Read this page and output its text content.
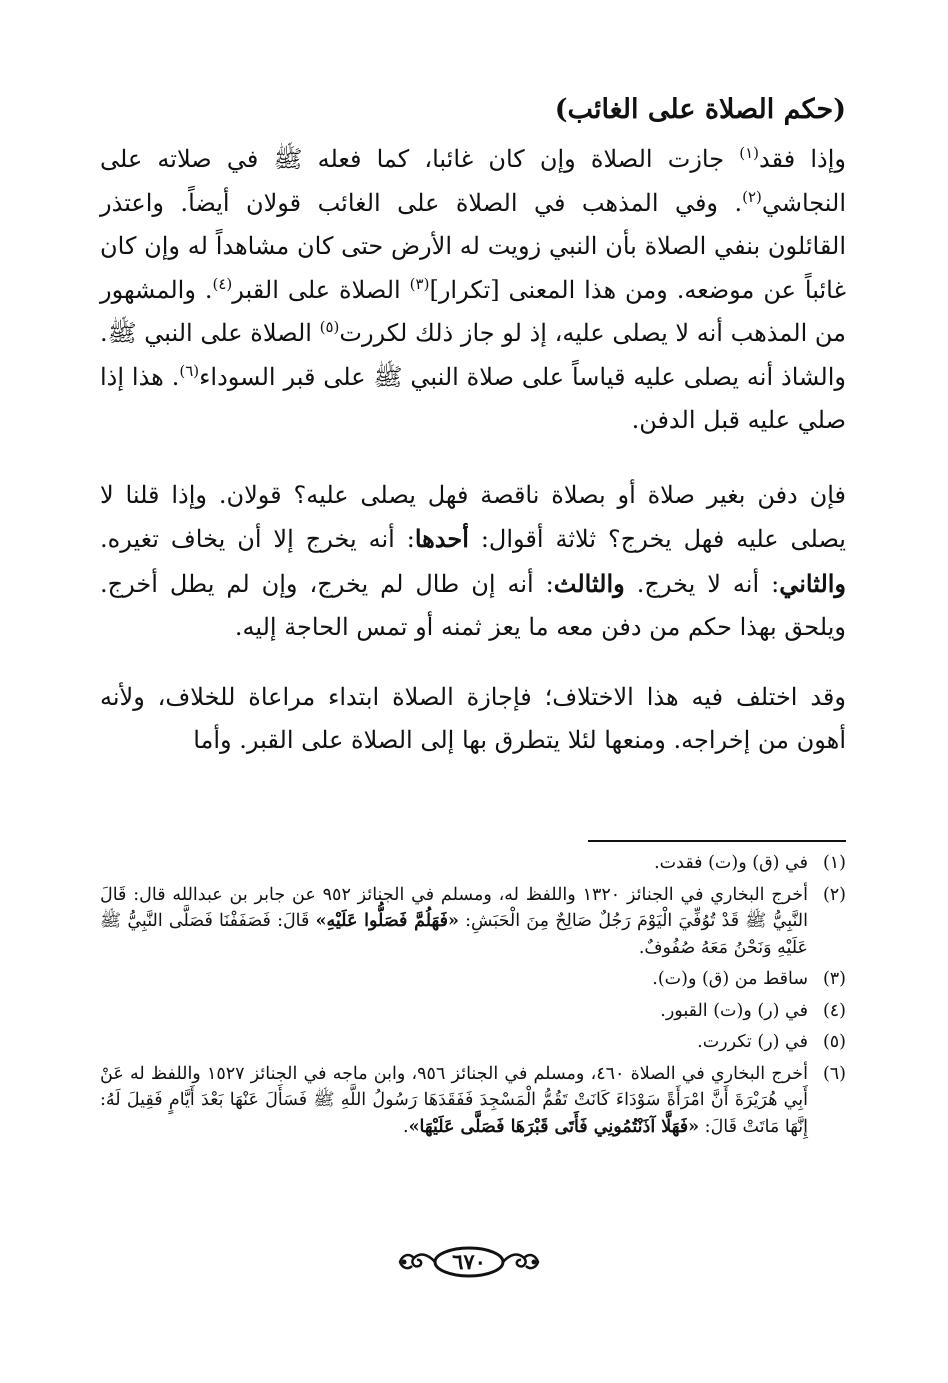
(حكم الصلاة على الغائب)
وإذا فقد$^{(١)}$ جازت الصلاة وإن كان غائبا، كما فعله ﷺ في صلاته على النجاشي$^{(٢)}$. وفي المذهب في الصلاة على الغائب قولان أيضاً. واعتذر القائلون بنفي الصلاة بأن النبي زويت له الأرض حتى كان مشاهداً له وإن كان غائباً عن موضعه. ومن هذا المعنى [تكرار]$^{(٣)}$ الصلاة على القبر$^{(٤)}$. والمشهور من المذهب أنه لا يصلى عليه، إذ لو جاز ذلك لكررت$^{(٥)}$ الصلاة على النبي ﷺ. والشاذ أنه يصلى عليه قياساً على صلاة النبي ﷺ على قبر السوداء$^{(٦)}$. هذا إذا صلي عليه قبل الدفن.
فإن دفن بغير صلاة أو بصلاة ناقصة فهل يصلى عليه؟ قولان. وإذا قلنا لا يصلى عليه فهل يخرج؟ ثلاثة أقوال: أحدها: أنه يخرج إلا أن يخاف تغيره. والثاني: أنه لا يخرج. والثالث: أنه إن طال لم يخرج، وإن لم يطل أخرج. ويلحق بهذا حكم من دفن معه ما يعز ثمنه أو تمس الحاجة إليه.
وقد اختلف فيه هذا الاختلاف؛ فإجازة الصلاة ابتداء مراعاة للخلاف، ولأنه أهون من إخراجه. ومنعها لئلا يتطرق بها إلى الصلاة على القبر. وأما
(١)
في (ق) و(ت) فقدت.
(٢)
أخرج البخاري في الجنائز ١٣٢٠ واللفظ له، ومسلم في الجنائز ٩٥٢ عن جابر بن عبدالله قال: قَالَ النَّبِيُّ ﷺ قَدْ تُوُفِّيَ الْيَوْمَ رَجُلٌ صَالِحٌ مِنَ الْحَبَشِ: «فَهَلُمَّ فَصَلُّوا عَلَيْهِ» قَالَ: فَصَفَفْنَا فَصَلَّى النَّبِيُّ ﷺ عَلَيْهِ وَنَحْنُ مَعَهُ صُفُوفٌ.
(٣)
ساقط من (ق) و(ت).
(٤)
في (ر) و(ت) القبور.
(٥)
في (ر) تكررت.
(٦)
أخرج البخاري في الصلاة ٤٦٠، ومسلم في الجنائز ٩٥٦، وابن ماجه في الجنائز ١٥٢٧ واللفظ له عَنْ أَبِي هُرَيْرَةَ أَنَّ امْرَأَةً سَوْدَاءَ كَانَتْ تَقُمُّ الْمَسْجِدَ فَفَقَدَهَا رَسُولُ اللَّهِ ﷺ فَسَأَلَ عَنْهَا بَعْدَ أَيَّامٍ فَقِيلَ لَهُ: إِنَّهَا مَاتَتْ قَالَ: «فَهَلَّا آذَنْتُمُونِي فَأَتَى قَبْرَهَا فَصَلَّى عَلَيْهَا».
٦٧٠
